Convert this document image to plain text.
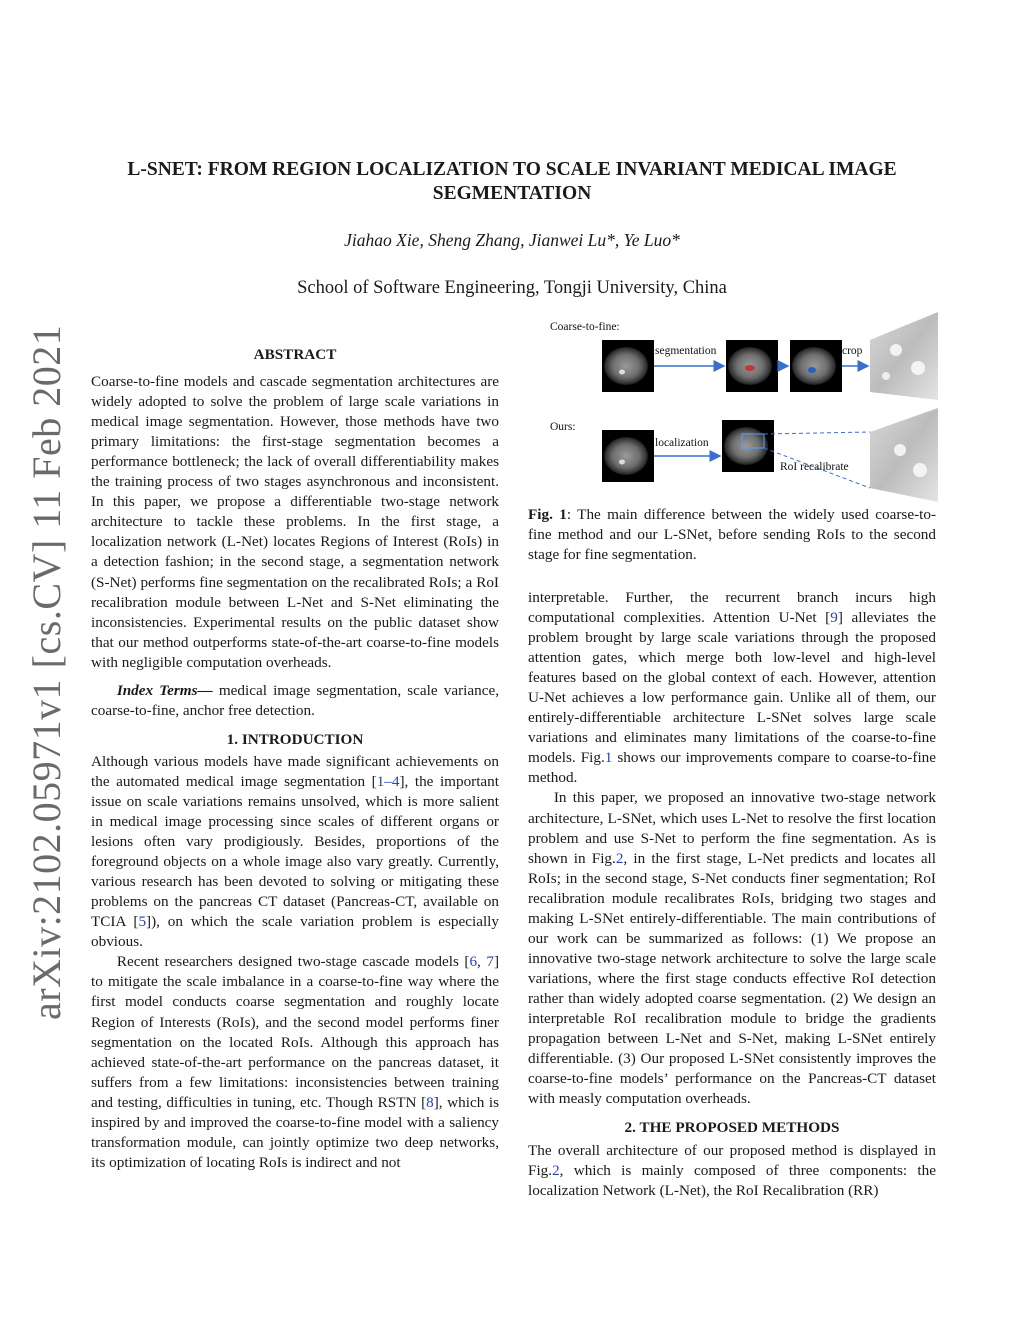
arXiv:2102.05971v1 [cs.CV] 11 Feb 2021
L-SNET: FROM REGION LOCALIZATION TO SCALE INVARIANT MEDICAL IMAGE SEGMENTATION
Jiahao Xie, Sheng Zhang, Jianwei Lu*, Ye Luo*
School of Software Engineering, Tongji University, China

ABSTRACT

Coarse-to-fine models and cascade segmentation architectures are widely adopted to solve the problem of large scale variations in medical image segmentation. However, those methods have two primary limitations: the first-stage segmentation becomes a performance bottleneck; the lack of overall differentiability makes the training process of two stages asynchronous and inconsistent. In this paper, we propose a differentiable two-stage network architecture to tackle these problems. In the first stage, a localization network (L-Net) locates Regions of Interest (RoIs) in a detection fashion; in the second stage, a segmentation network (S-Net) performs fine segmentation on the recalibrated RoIs; a RoI recalibration module between L-Net and S-Net eliminating the inconsistencies. Experimental results on the public dataset show that our method outperforms state-of-the-art coarse-to-fine models with negligible computation overheads.

Index Terms— medical image segmentation, scale variance, coarse-to-fine, anchor free detection.

1. INTRODUCTION

Although various models have made significant achievements on the automated medical image segmentation [1–4], the important issue on scale variations remains unsolved, which is more salient in medical image processing since scales of different organs or lesions often vary prodigiously. Besides, proportions of the foreground objects on a whole image also vary greatly. Currently, various research has been devoted to solving or mitigating these problems on the pancreas CT dataset (Pancreas-CT, available on TCIA [5]), on which the scale variation problem is especially obvious.

Recent researchers designed two-stage cascade models [6, 7] to mitigate the scale imbalance in a coarse-to-fine way where the first model conducts coarse segmentation and roughly locate Region of Interests (RoIs), and the second model performs finer segmentation on the located RoIs. Although this approach has achieved state-of-the-art performance on the pancreas dataset, it suffers from a few limitations: inconsistencies between training and testing, difficulties in tuning, etc. Though RSTN [8], which is inspired by and improved the coarse-to-fine model with a saliency transformation module, can jointly optimize two deep networks, its optimization of locating RoIs is indirect and not

Coarse-to-fine:
Ours:
segmentation	crop
localization
RoI recalibrate
Fig. 1: The main difference between the widely used coarse-to-fine method and our L-SNet, before sending RoIs to the second stage for fine segmentation.

interpretable. Further, the recurrent branch incurs high computational complexities. Attention U-Net [9] alleviates the problem brought by large scale variations through the proposed attention gates, which merge both low-level and high-level features based on the global context of each. However, attention U-Net achieves a low performance gain. Unlike all of them, our entirely-differentiable architecture L-SNet solves large scale variations and eliminates many limitations of the coarse-to-fine models. Fig.1 shows our improvements compare to coarse-to-fine method.

In this paper, we proposed an innovative two-stage network architecture, L-SNet, which uses L-Net to resolve the first location problem and use S-Net to perform the fine segmentation. As is shown in Fig.2, in the first stage, L-Net predicts and locates all RoIs; in the second stage, S-Net conducts finer segmentation; RoI recalibration module recalibrates RoIs, bridging two stages and making L-SNet entirely-differentiable. The main contributions of our work can be summarized as follows: (1) We propose an innovative two-stage network architecture to solve the large scale variations, where the first stage conducts effective RoI detection rather than widely adopted coarse segmentation. (2) We design an interpretable RoI recalibration module to bridge the gradients propagation between L-Net and S-Net, making L-SNet entirely differentiable. (3) Our proposed L-SNet consistently improves the coarse-to-fine models’ performance on the Pancreas-CT dataset with measly computation overheads.

2. THE PROPOSED METHODS

The overall architecture of our proposed method is displayed in Fig.2, which is mainly composed of three components: the localization Network (L-Net), the RoI Recalibration (RR)
